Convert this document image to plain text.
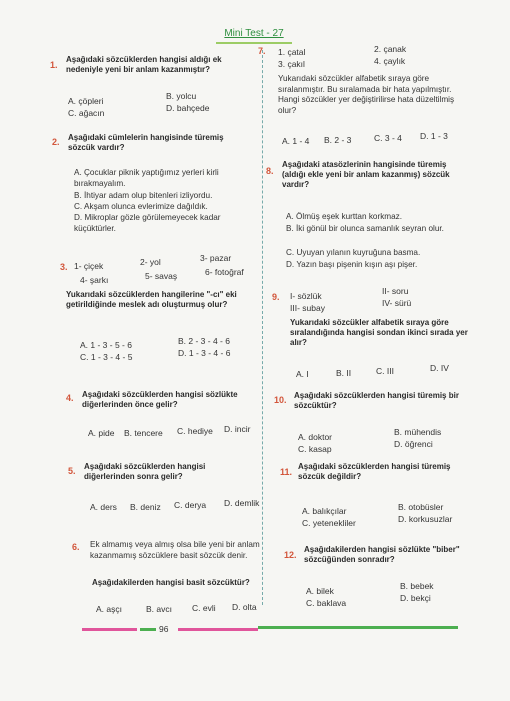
Mini Test - 27
1.
Aşağıdaki sözcüklerden hangisi aldığı ek nedeniyle yeni bir anlam kazanmıştır?
A. çöpleri	B. yolcu
C. ağacın	D. bahçede
2. Aşağıdaki cümlelerin hangisinde türemiş sözcük vardır?
A. Çocuklar piknik yaptığımız yerleri kirli bırakmayalım.
B. İhtiyar adam olup bitenleri izliyordu.
C. Akşam olunca evlerimize dağıldık.
D. Mikroplar gözle görülemeyecek kadar küçüktürler.
3. 1- çiçek	2- yol	3- pazar
4- şarkı	5- savaş	6- fotoğraf
Yukarıdaki sözcüklerden hangilerine "-cı" eki getirildiğinde meslek adı oluşturmuş olur?
A. 1 - 3 - 5 - 6	B. 2 - 3 - 4 - 6
C. 1 - 3 - 4 - 5	D. 1 - 3 - 4 - 6
4. Aşağıdaki sözcüklerden hangisi sözlükte diğerlerinden önce gelir?
A. pide B. tencere C. hediye D. incir
5. Aşağıdaki sözcüklerden hangisi diğerlerinden sonra gelir?
A. ders B. deniz C. derya D. demlik
6. Ek almamış veya almış olsa bile yeni bir anlam kazanmamış sözcüklere basit sözcük denir.
Aşağıdakilerden hangisi basit sözcüktür?
A. aşçı	B. avcı C. evli D. olta
7. 1. çatal	2. çanak
3. çakıl	4. çaylık
Yukarıdaki sözcükler alfabetik sıraya göre sıralanmıştır. Bu sıralamada bir hata yapılmıştır. Hangi sözcükler yer değiştirilirse hata düzeltilmiş olur?
A. 1 - 4 B. 2 - 3	C. 3 - 4 D. 1 - 3
8.
Aşağıdaki atasözlerinin hangisinde türemiş (aldığı ekle yeni bir anlam kazanmış) sözcük vardır?
A. Ölmüş eşek kurttan korkmaz.
B. İki gönül bir olunca samanlık seyran olur.
C. Uyuyan yılanın kuyruğuna basma.
D. Yazın başı pişenin kışın aşı pişer.
9. I- sözlük	II- soru
III- subay	IV- sürü
Yukarıdaki sözcükler alfabetik sıraya göre sıralandığında hangisi sondan ikinci sırada yer alır?
A. I	B. II	C. III	D. IV
10. Aşağıdaki sözcüklerden hangisi türemiş bir sözcüktür?
A. doktor	B. mühendis
C. kasap	D. öğrenci
11.
Aşağıdaki sözcüklerden hangisi türemiş sözcük değildir?
A. balıkçılar	B. otobüsler
C. yetenekliler	D. korkusuzlar
12.
Aşağıdakilerden hangisi sözlükte "biber" sözcüğünden sonradır?
A. bilek	B. bebek
C. baklava	D. bekçi
96
